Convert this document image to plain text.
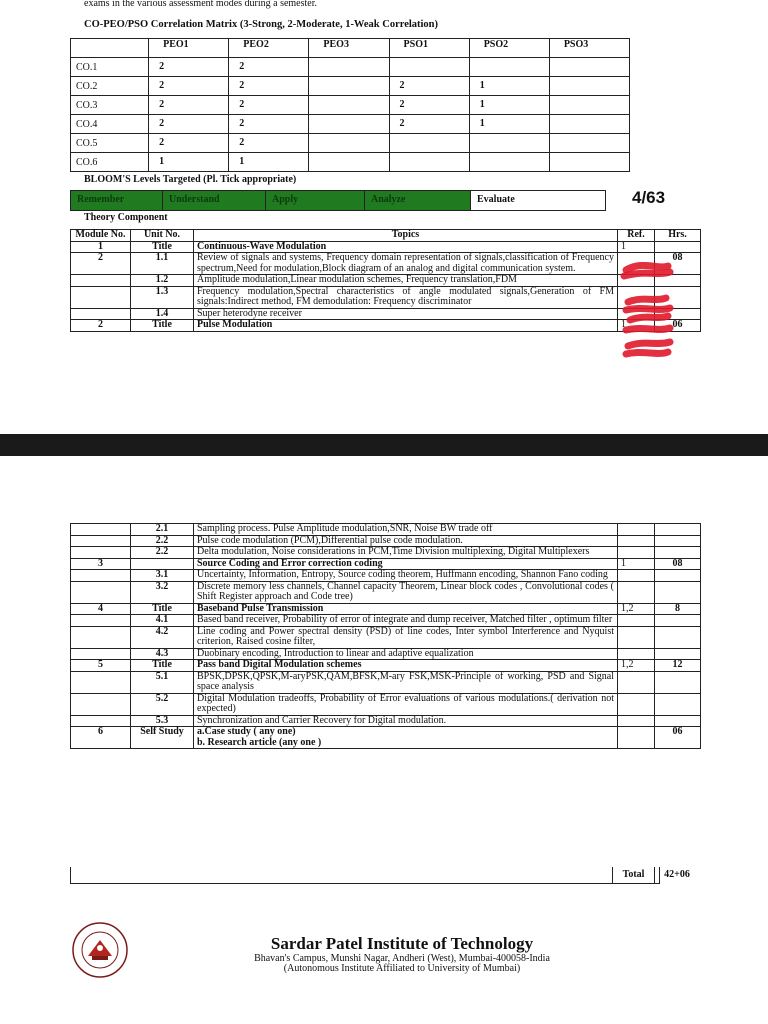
exams in the various assessment modes during a semester.
CO-PEO/PSO Correlation Matrix (3-Strong, 2-Moderate, 1-Weak Correlation)
	PEO1	PEO2	PEO3	PSO1	PSO2	PSO3
CO.1	2	2				
CO.2	2	2		2	1	
CO.3	2	2		2	1	
CO.4	2	2		2	1	
CO.5	2	2				
CO.6	1	1				
BLOOM'S Levels Targeted (Pl. Tick appropriate)
Remember	Understand	Apply	Analyze	Evaluate	4/63
Theory Component
Module No.	Unit No.	Topics	Ref.	Hrs.
1	Title	Continuous-Wave Modulation	1	
2	1.1	Review of signals and systems, Frequency domain representation of signals,classification of Frequency spectrum,Need for modulation,Block diagram of an analog and digital communication system.		08
	1.2	Amplitude modulation,Linear modulation schemes, Frequency translation,FDM		
	1.3	Frequency modulation,Spectral characteristics of angle modulated signals,Generation of FM signals:Indirect method, FM demodulation: Frequency discriminator		
	1.4	Super heterodyne receiver		
2	Title	Pulse Modulation	1	06
Sardar Patel Institute of Technology
Bhavan's Campus, Munshi Nagar, Andheri (West), Mumbai-400058-India
(Autonomous Institute Affiliated to University of Mumbai)
	2.1	Sampling process. Pulse Amplitude modulation,SNR, Noise BW trade off		
	2.2	Pulse code modulation (PCM),Differential pulse code modulation.		
	2.2	Delta modulation, Noise considerations in PCM,Time Division multiplexing, Digital Multiplexers		
3		Source Coding and Error correction coding	1	08
	3.1	Uncertainty, Information, Entropy, Source coding theorem, Huffmann encoding, Shannon Fano coding		
	3.2	Discrete memory less channels, Channel capacity Theorem, Linear block codes , Convolutional codes ( Shift Register approach and Code tree)		
4	Title	Baseband Pulse Transmission	1,2	8
	4.1	Based band receiver, Probability of error of integrate and dump receiver, Matched filter , optimum filter		
	4.2	Line coding and Power spectral density (PSD) of line codes, Inter symbol Interference and Nyquist criterion, Raised cosine filter,		
	4.3	Duobinary encoding, Introduction to linear and adaptive equalization		
5	Title	Pass band Digital Modulation schemes	1,2	12
	5.1	BPSK,DPSK,QPSK,M-aryPSK,QAM,BFSK,M-ary FSK,MSK-Principle of working, PSD and Signal space analysis		
	5.2	Digital Modulation tradeoffs, Probability of Error evaluations of various modulations.( derivation not expected)		
	5.3	Synchronization and Carrier Recovery for Digital modulation.		
6	Self Study	a.Case study ( any one)
b. Research article (any one )		06
Total	42+06
